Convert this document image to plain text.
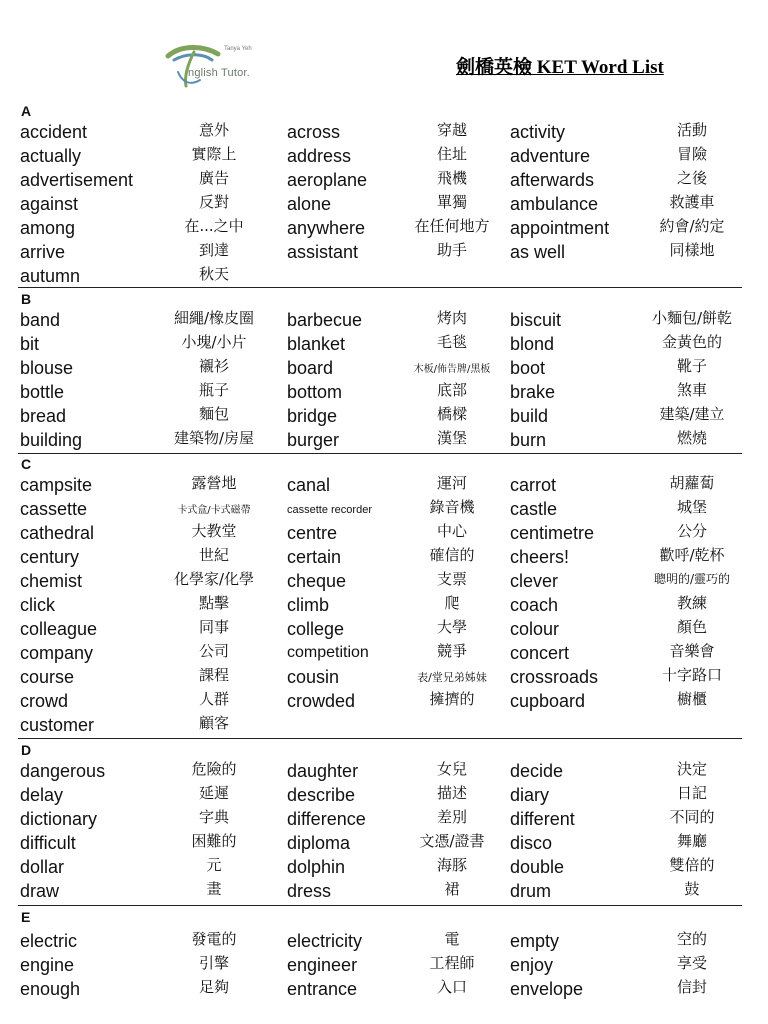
Tanya Yeh
nglish Tutor.	劍橋英檢 KET Word List
A
accident	意外	across	穿越	activity	活動
actually	實際上	address	住址	adventure	冒險
advertisement	廣告	aeroplane	飛機	afterwards	之後
against	反對	alone	單獨	ambulance	救護車
among	在...之中	anywhere	在任何地方	appointment	約會/約定
arrive	到達	assistant	助手	as well	同樣地
autumn	秋天
B
band	細繩/橡皮圈	barbecue	烤肉	biscuit	小麵包/餅乾
bit	小塊/小片	blanket	毛毯	blond	金黃色的
blouse	襯衫	board	木板/佈告牌/黑板	boot	靴子
bottle	瓶子	bottom	底部	brake	煞車
bread	麵包	bridge	橋樑	build	建築/建立
building	建築物/房屋	burger	漢堡	burn	燃燒
C
campsite	露營地	canal	運河	carrot	胡蘿蔔
cassette	卡式盒/卡式磁帶	cassette recorder	錄音機	castle	城堡
cathedral	大教堂	centre	中心	centimetre	公分
century	世紀	certain	確信的	cheers!	歡呼/乾杯
chemist	化學家/化學	cheque	支票	clever	聰明的/靈巧的
click	點擊	climb	爬	coach	教練
colleague	同事	college	大學	colour	顏色
company	公司	competition	競爭	concert	音樂會
course	課程	cousin	表/堂兄弟姊妹	crossroads	十字路口
crowd	人群	crowded	擁擠的	cupboard	櫥櫃
customer	顧客
D
dangerous	危險的	daughter	女兒	decide	決定
delay	延遲	describe	描述	diary	日記
dictionary	字典	difference	差別	different	不同的
difficult	困難的	diploma	文憑/證書	disco	舞廳
dollar	元	dolphin	海豚	double	雙倍的
draw	畫	dress	裙	drum	鼓
E
electric	發電的	electricity	電	empty	空的
engine	引擎	engineer	工程師	enjoy	享受
enough	足夠	entrance	入口	envelope	信封
